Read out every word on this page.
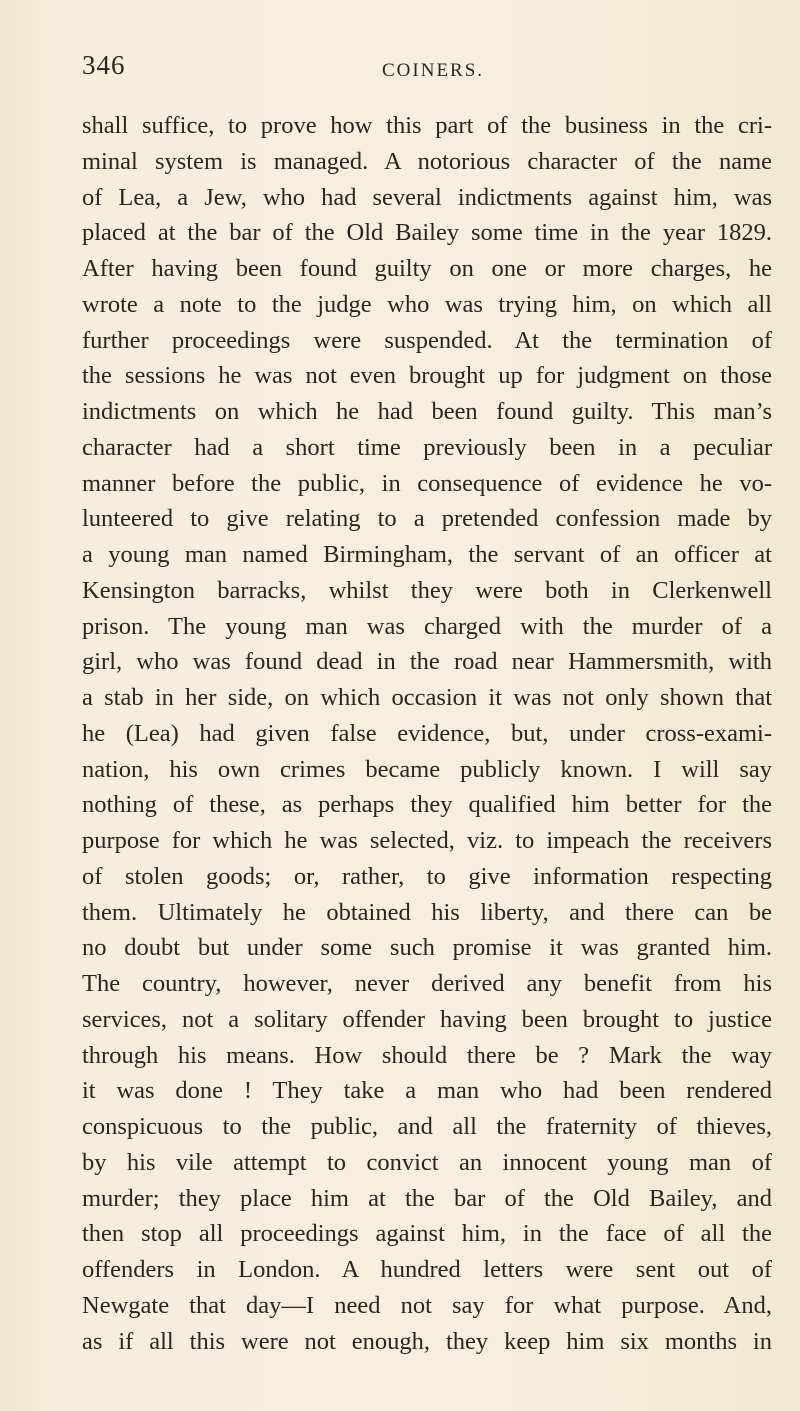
346	COINERS.
shall suffice, to prove how this part of the business in the cri-
minal system is managed. A notorious character of the name
of Lea, a Jew, who had several indictments against him, was
placed at the bar of the Old Bailey some time in the year 1829.
After having been found guilty on one or more charges, he
wrote a note to the judge who was trying him, on which all
further proceedings were suspended. At the termination of
the sessions he was not even brought up for judgment on those
indictments on which he had been found guilty. This man’s
character had a short time previously been in a peculiar
manner before the public, in consequence of evidence he vo-
lunteered to give relating to a pretended confession made by
a young man named Birmingham, the servant of an officer at
Kensington barracks, whilst they were both in Clerkenwell
prison. The young man was charged with the murder of a
girl, who was found dead in the road near Hammersmith, with
a stab in her side, on which occasion it was not only shown that
he (Lea) had given false evidence, but, under cross-exami-
nation, his own crimes became publicly known. I will say
nothing of these, as perhaps they qualified him better for the
purpose for which he was selected, viz. to impeach the receivers
of stolen goods; or, rather, to give information respecting
them. Ultimately he obtained his liberty, and there can be
no doubt but under some such promise it was granted him.
The country, however, never derived any benefit from his
services, not a solitary offender having been brought to justice
through his means. How should there be ? Mark the way
it was done ! They take a man who had been rendered
conspicuous to the public, and all the fraternity of thieves,
by his vile attempt to convict an innocent young man of
murder; they place him at the bar of the Old Bailey, and
then stop all proceedings against him, in the face of all the
offenders in London. A hundred letters were sent out of
Newgate that day—I need not say for what purpose. And,
as if all this were not enough, they keep him six months in
